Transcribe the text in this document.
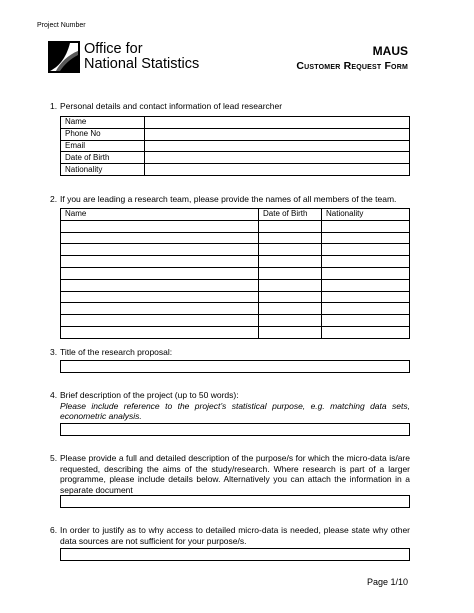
Project Number
Office for
National Statistics
MAUS
Customer Request Form
1. Personal details and contact information of lead researcher
Name	
Phone No	
Email	
Date of Birth	
Nationality	
2. If you are leading a research team, please provide the names of all members of the team.
Name	Date of Birth	Nationality

3. Title of the research proposal:
4. Brief description of the project (up to 50 words):
Please include reference to the project’s statistical purpose, e.g. matching data sets, econometric analysis.
5. Please provide a full and detailed description of the purpose/s for which the micro-data is/are requested, describing the aims of the study/research. Where research is part of a larger programme, please include details below. Alternatively you can attach the information in a separate document
6. In order to justify as to why access to detailed micro-data is needed, please state why other data sources are not sufficient for your purpose/s.
Page 1/10
